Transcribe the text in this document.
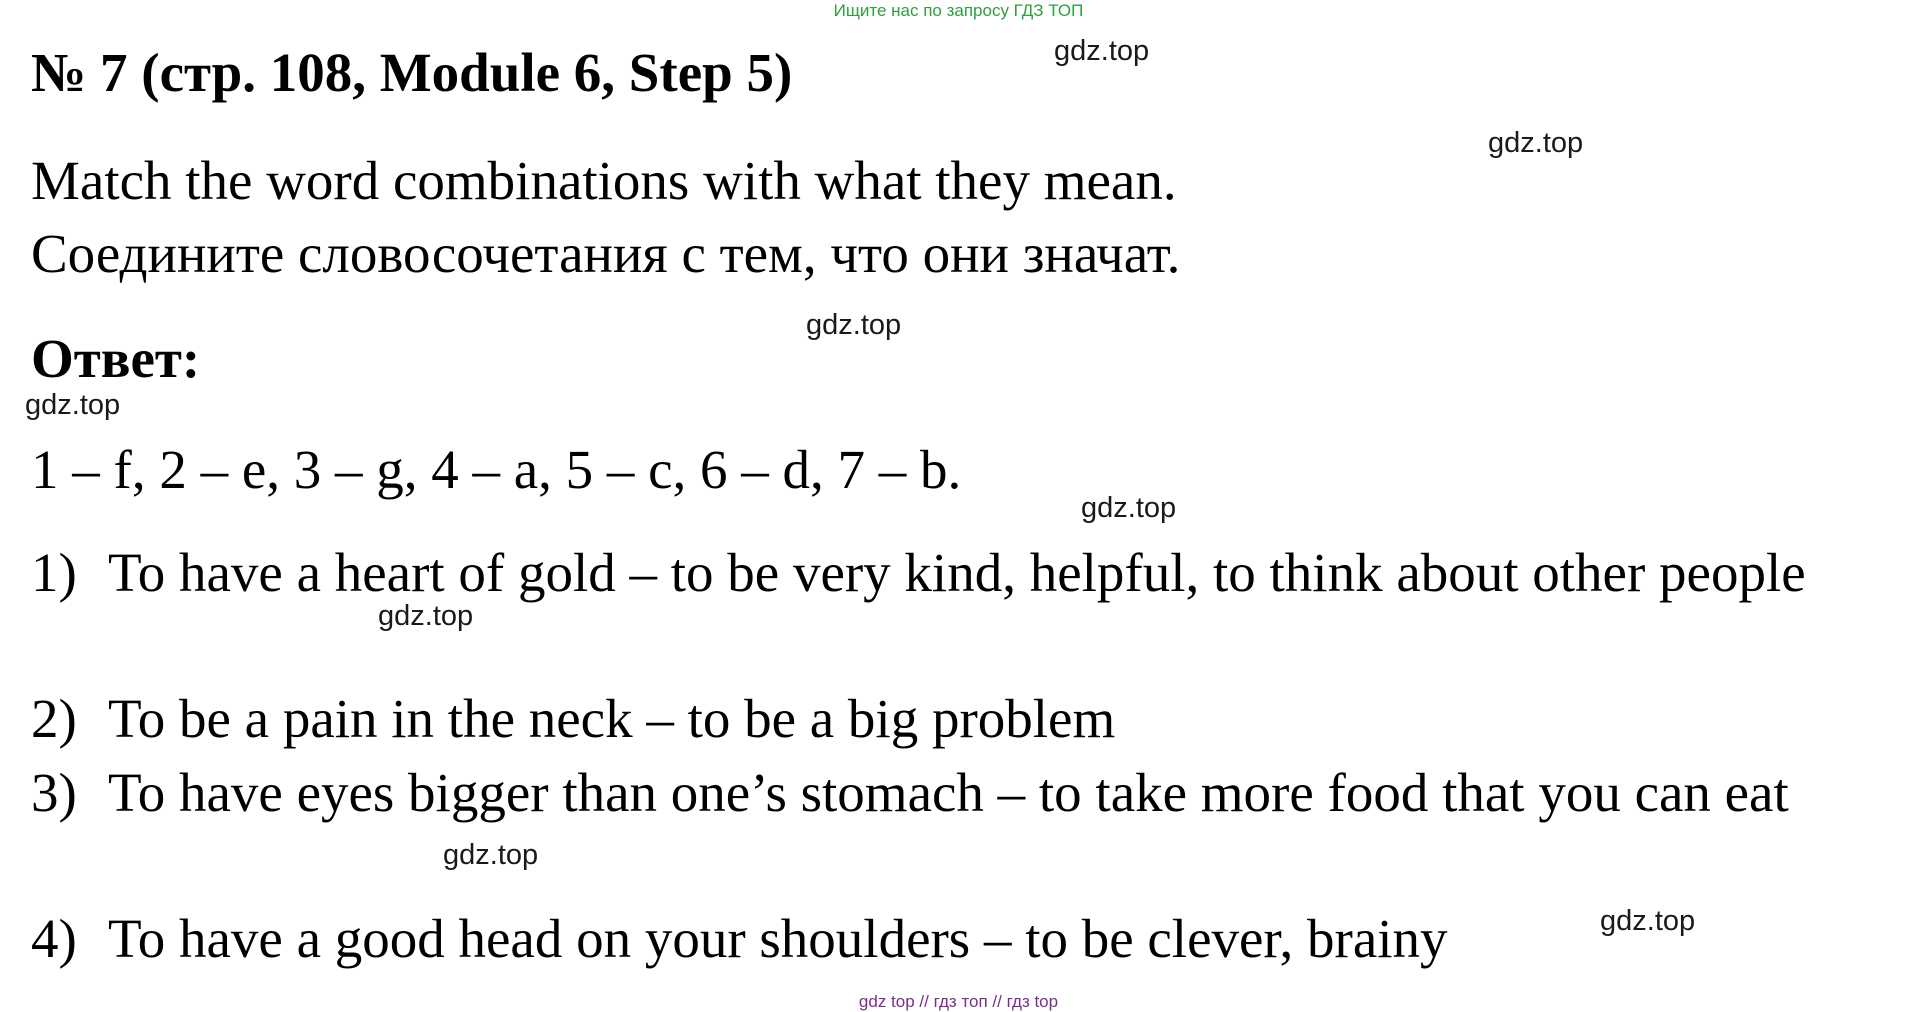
Ищите нас по запросу ГДЗ ТОП
№ 7 (стр. 108, Module 6, Step 5)
Match the word combinations with what they mean.
Соедините словосочетания с тем, что они значат.
Ответ:
1 – f, 2 – e, 3 – g, 4 – a, 5 – c, 6 – d, 7 – b.
1) To have a heart of gold – to be very kind, helpful, to think about other people
2) To be a pain in the neck – to be a big problem
3) To have eyes bigger than one’s stomach – to take more food that you can eat
4) To have a good head on your shoulders – to be clever, brainy
gdz.top
gdz.top
gdz.top
gdz.top
gdz.top
gdz.top
gdz.top
gdz.top
gdz top // гдз топ // гдз top
